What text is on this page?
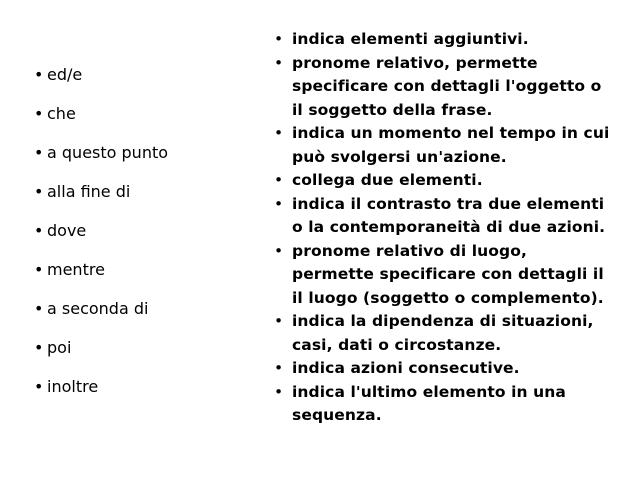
• ed/e
• che
• a questo punto
• alla fine di
• dove
• mentre
• a seconda di
• poi
• inoltre
• indica elementi aggiuntivi.
• pronome relativo, permette specificare con dettagli l'oggetto o il soggetto della frase.
• indica un momento nel tempo in cui può svolgersi un'azione.
• collega due elementi.
• indica il contrasto tra due elementi o la contemporaneità di due azioni.
• pronome relativo di luogo, permette specificare con dettagli il il luogo (soggetto o complemento).
• indica la dipendenza di situazioni, casi, dati o circostanze.
• indica azioni consecutive.
• indica l'ultimo elemento in una sequenza.
